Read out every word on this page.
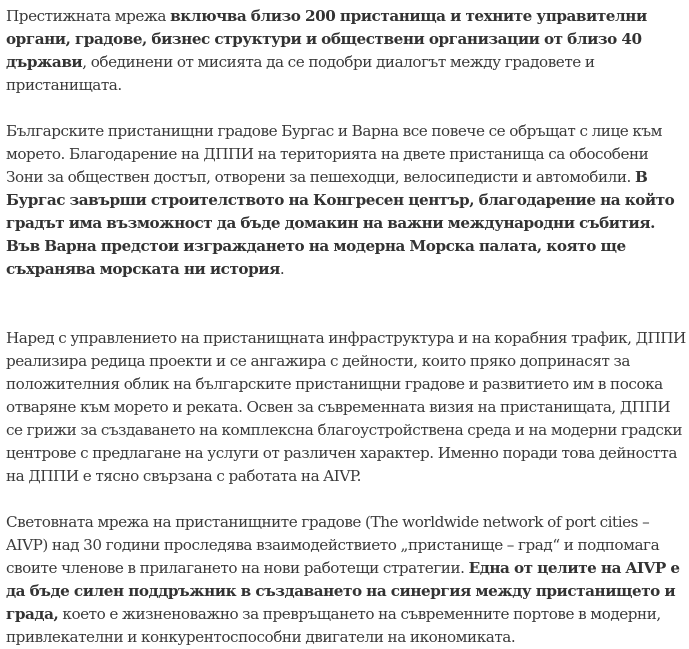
Престижната мрежа включва близо 200 пристанища и техните управителни органи, градове, бизнес структури и обществени организации от близо 40 държави, обединени от мисията да се подобри диалогът между градовете и пристанищата.

Българските пристанищни градове Бургас и Варна все повече се обръщат с лице към морето. Благодарение на ДППИ на територията на двете пристанища са обособени Зони за обществен достъп, отворени за пешеходци, велосипедисти и автомобили. В Бургас завърши строителството на Конгресен център, благодарение на който градът има възможност да бъде домакин на важни международни събития. Във Варна предстои изграждането на модерна Морска палата, която ще съхранява морската ни история.

Наред с управлението на пристанищната инфраструктура и на корабния трафик, ДППИ реализира редица проекти и се ангажира с дейности, които пряко допринасят за положителния облик на българските пристанищни градове и развитието им в посока отваряне към морето и реката. Освен за съвременната визия на пристанищата, ДППИ се грижи за създаването на комплексна благоустройствена среда и на модерни градски центрове с предлагане на услуги от различен характер. Именно поради това дейността на ДППИ е тясно свързана с работата на AIVP.

Световната мрежа на пристанищните градове (The worldwide network of port cities – AIVP) над 30 години проследява взаимодействието „пристанище – град“ и подпомага своите членове в прилагането на нови работещи стратегии. Една от целите на AIVP е да бъде силен поддръжник в създаването на синергия между пристанището и града, което е жизненоважно за превръщането на съвременните портове в модерни, привлекателни и конкурентоспособни двигатели на икономиката.
